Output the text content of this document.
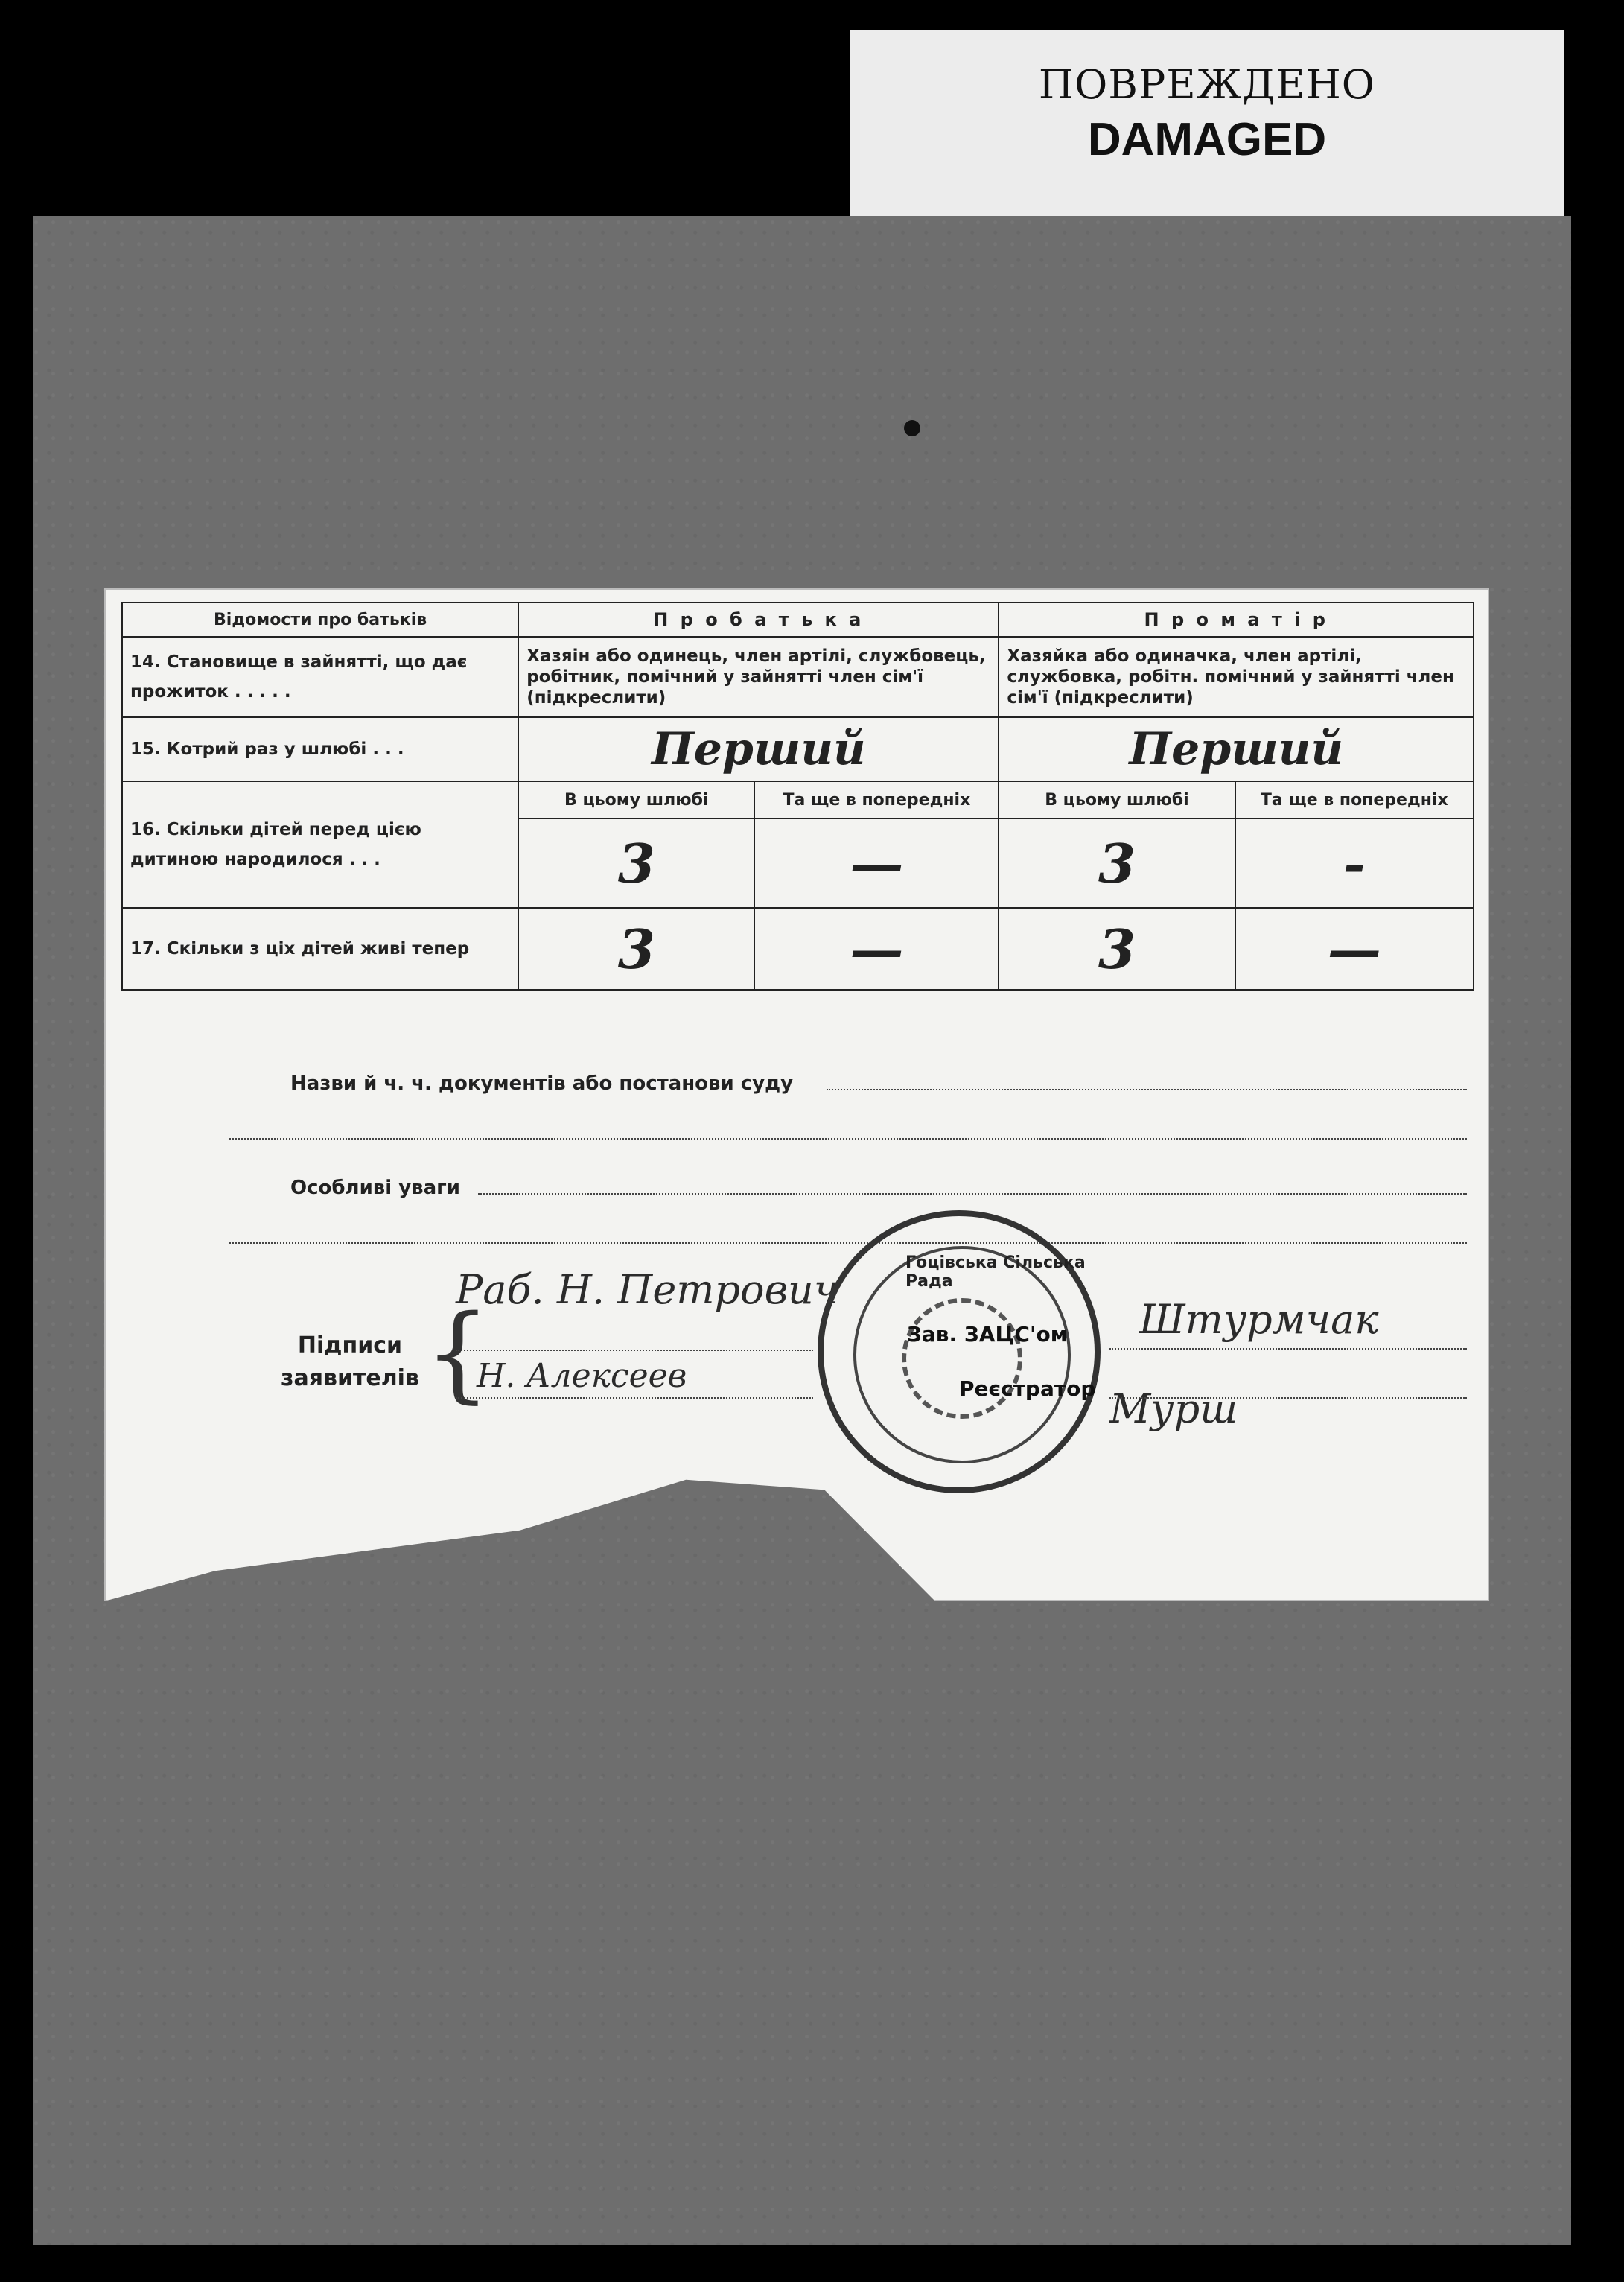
ПОВРЕЖДЕНО
DAMAGED
Відомости про батьків	П р о б а т ь к а		П р о м а т і р	
14. Становище в зайнятті, що дає прожиток . . . . .	Хазяін або одинець, член артілі, службовець, робітник, помічний у зайнятті член сім'ї (підкреслити)		Хазяйка або одиначка, член артілі, службовка, робітн. помічний у зайнятті член сім'ї (підкреслити)	
15. Котрий раз у шлюбі . . .	Перший		Перший	
16. Скільки дітей перед цією дитиною народилося . . .	В цьому шлюбі	Та ще в попередніх	В цьому шлюбі	Та ще в попередніх
	3	—	3	-
17. Скільки з ціх дітей живі тепер	3	—	3	—
Назви й ч. ч. документів або постанови суду
Особливі уваги
Підписи заявителів {
Раб. Н. Петрович
Н. Алексеев
Гоцівська Сільська Рада
Зав. ЗАЦС'ом
Реєстратор
Штурмчак
Мурш
